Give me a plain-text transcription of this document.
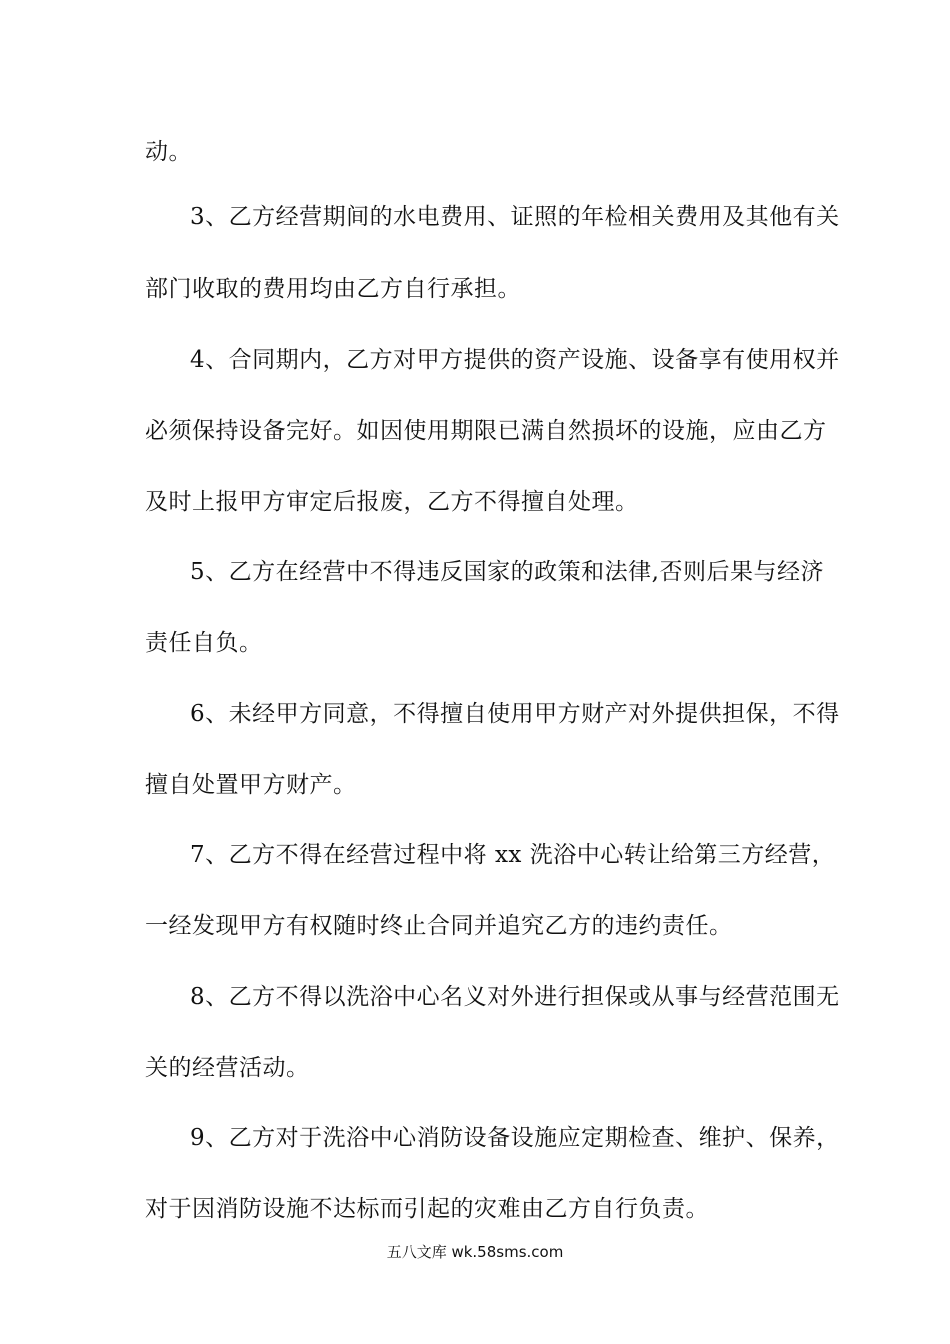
动。
3、乙方经营期间的水电费用、证照的年检相关费用及其他有关
部门收取的费用均由乙方自行承担。
4、合同期内，乙方对甲方提供的资产设施、设备享有使用权并
必须保持设备完好。如因使用期限已满自然损坏的设施，应由乙方
及时上报甲方审定后报废，乙方不得擅自处理。
5、乙方在经营中不得违反国家的政策和法律,否则后果与经济
责任自负。
6、未经甲方同意，不得擅自使用甲方财产对外提供担保，不得
擅自处置甲方财产。
7、乙方不得在经营过程中将 xx 洗浴中心转让给第三方经营，
一经发现甲方有权随时终止合同并追究乙方的违约责任。
8、乙方不得以洗浴中心名义对外进行担保或从事与经营范围无
关的经营活动。
9、乙方对于洗浴中心消防设备设施应定期检查、维护、保养，
对于因消防设施不达标而引起的灾难由乙方自行负责。
五八文库 wk.58sms.com
